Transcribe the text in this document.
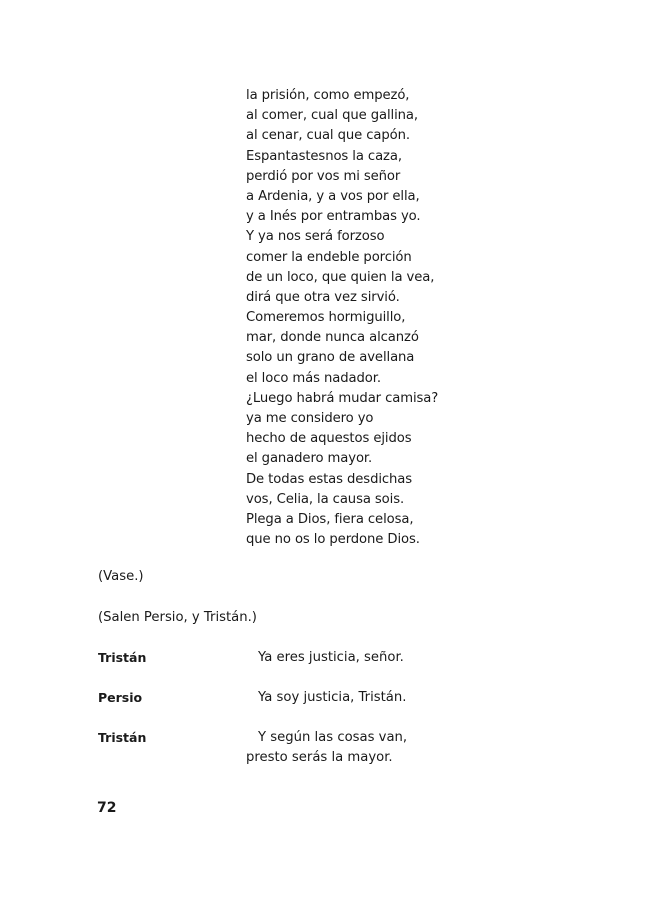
la prisión, como empezó,
al comer, cual que gallina,
al cenar, cual que capón.
Espantastesnos la caza,
perdió por vos mi señor
a Ardenia, y a vos por ella,
y a Inés por entrambas yo.
Y ya nos será forzoso
comer la endeble porción
de un loco, que quien la vea,
dirá que otra vez sirvió.
Comeremos hormiguillo,
mar, donde nunca alcanzó
solo un grano de avellana
el loco más nadador.
¿Luego habrá mudar camisa?
ya me considero yo
hecho de aquestos ejidos
el ganadero mayor.
De todas estas desdichas
vos, Celia, la causa sois.
Plega a Dios, fiera celosa,
que no os lo perdone Dios.
(Vase.)
(Salen Persio, y Tristán.)
Tristán	Ya eres justicia, señor.
Persio	Ya soy justicia, Tristán.
Tristán	Y según las cosas van,
presto serás la mayor.
72
